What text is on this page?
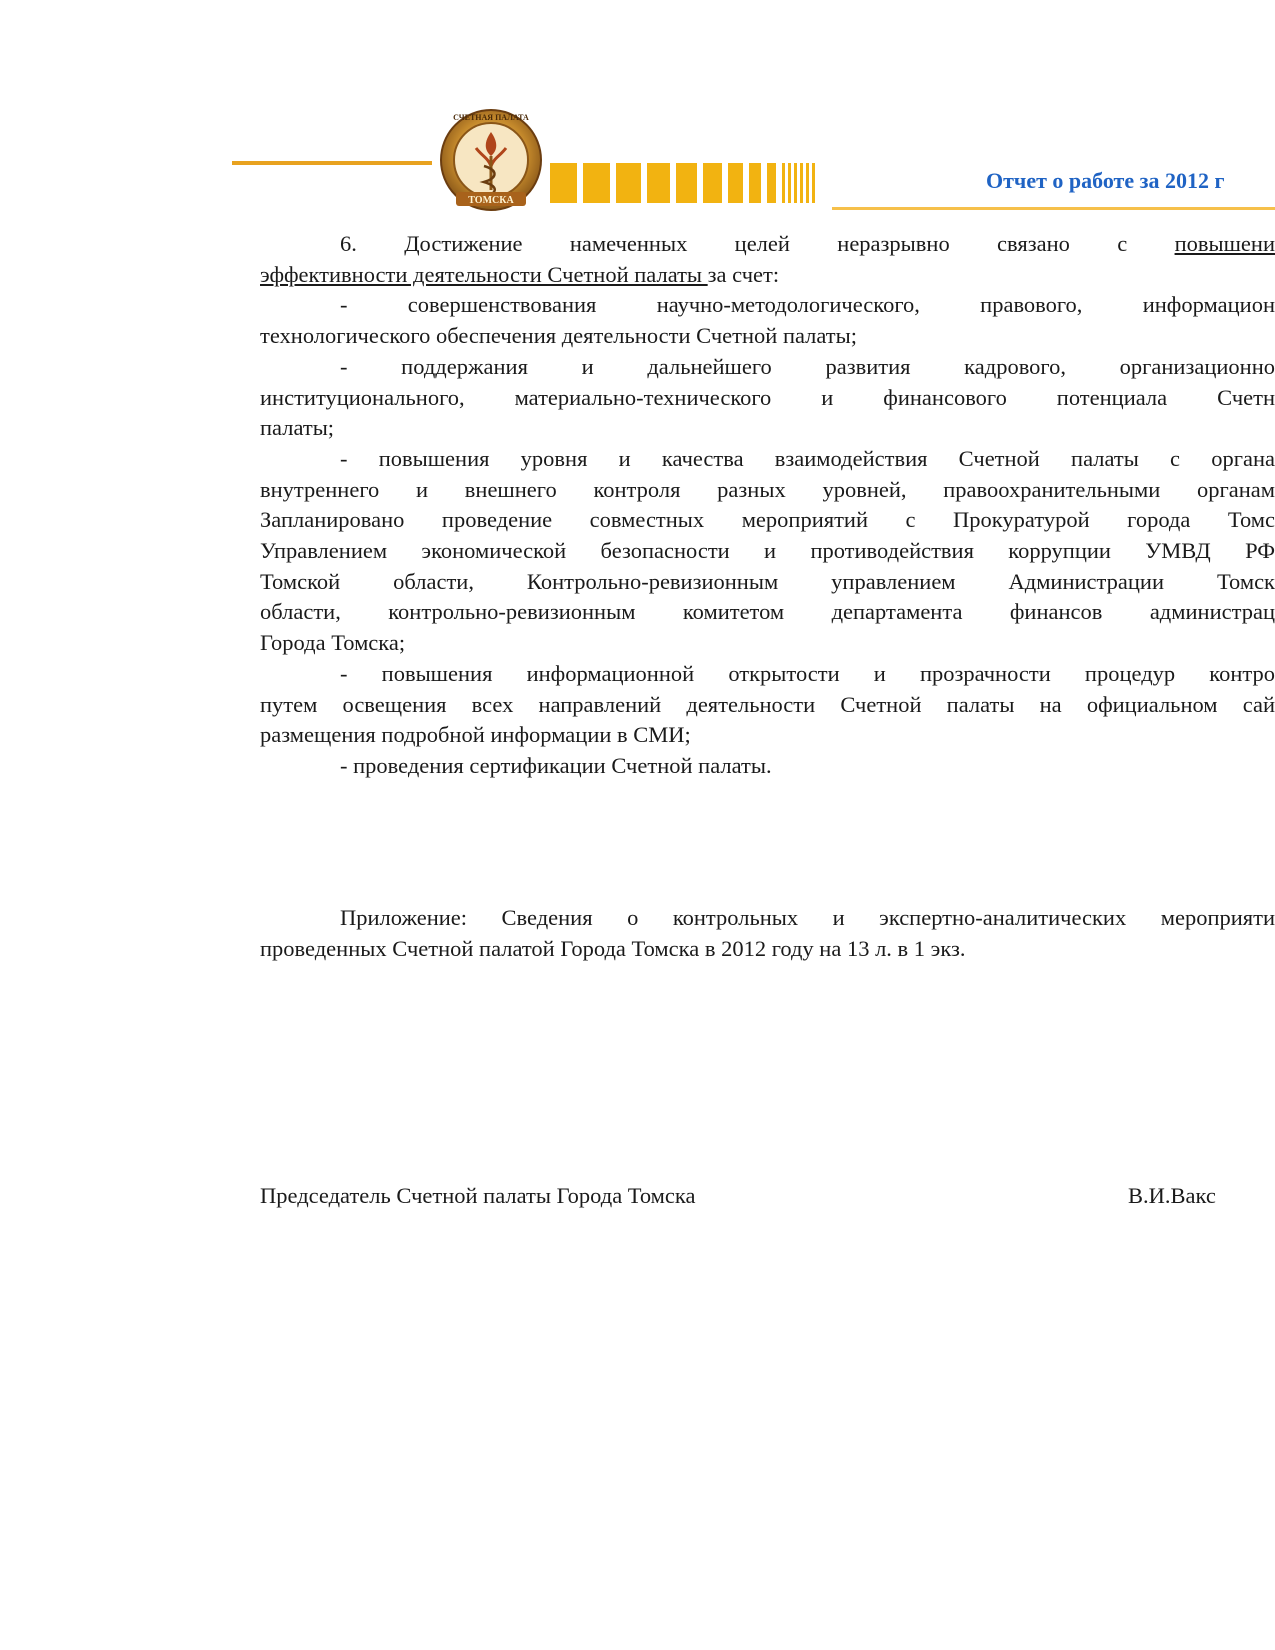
ТОМСКА
СЧЕТНАЯ ПАЛАТА
Отчет о работе за 2012 г
6. Достижение намеченных целей неразрывно связано с повышени
эффективности деятельности Счетной палаты за счет:
- совершенствования научно-методологического, правового, информацион
технологического обеспечения деятельности Счетной палаты;
- поддержания и дальнейшего развития кадрового, организационно
институционального, материально-технического и финансового потенциала Счетн
палаты;
- повышения уровня и качества взаимодействия Счетной палаты с органа
внутреннего и внешнего контроля разных уровней, правоохранительными органам
Запланировано проведение совместных мероприятий с Прокуратурой города Томс
Управлением экономической безопасности и противодействия коррупции УМВД РФ
Томской области, Контрольно-ревизионным управлением Администрации Томск
области, контрольно-ревизионным комитетом департамента финансов администрац
Города Томска;
- повышения информационной открытости и прозрачности процедур контро
путем освещения всех направлений деятельности Счетной палаты на официальном сай
размещения подробной информации в СМИ;
- проведения сертификации Счетной палаты.
Приложение: Сведения о контрольных и экспертно-аналитических мероприяти
проведенных Счетной палатой Города Томска в 2012 году на 13 л. в 1 экз.
Председатель Счетной палаты Города Томска	В.И.Вакс
